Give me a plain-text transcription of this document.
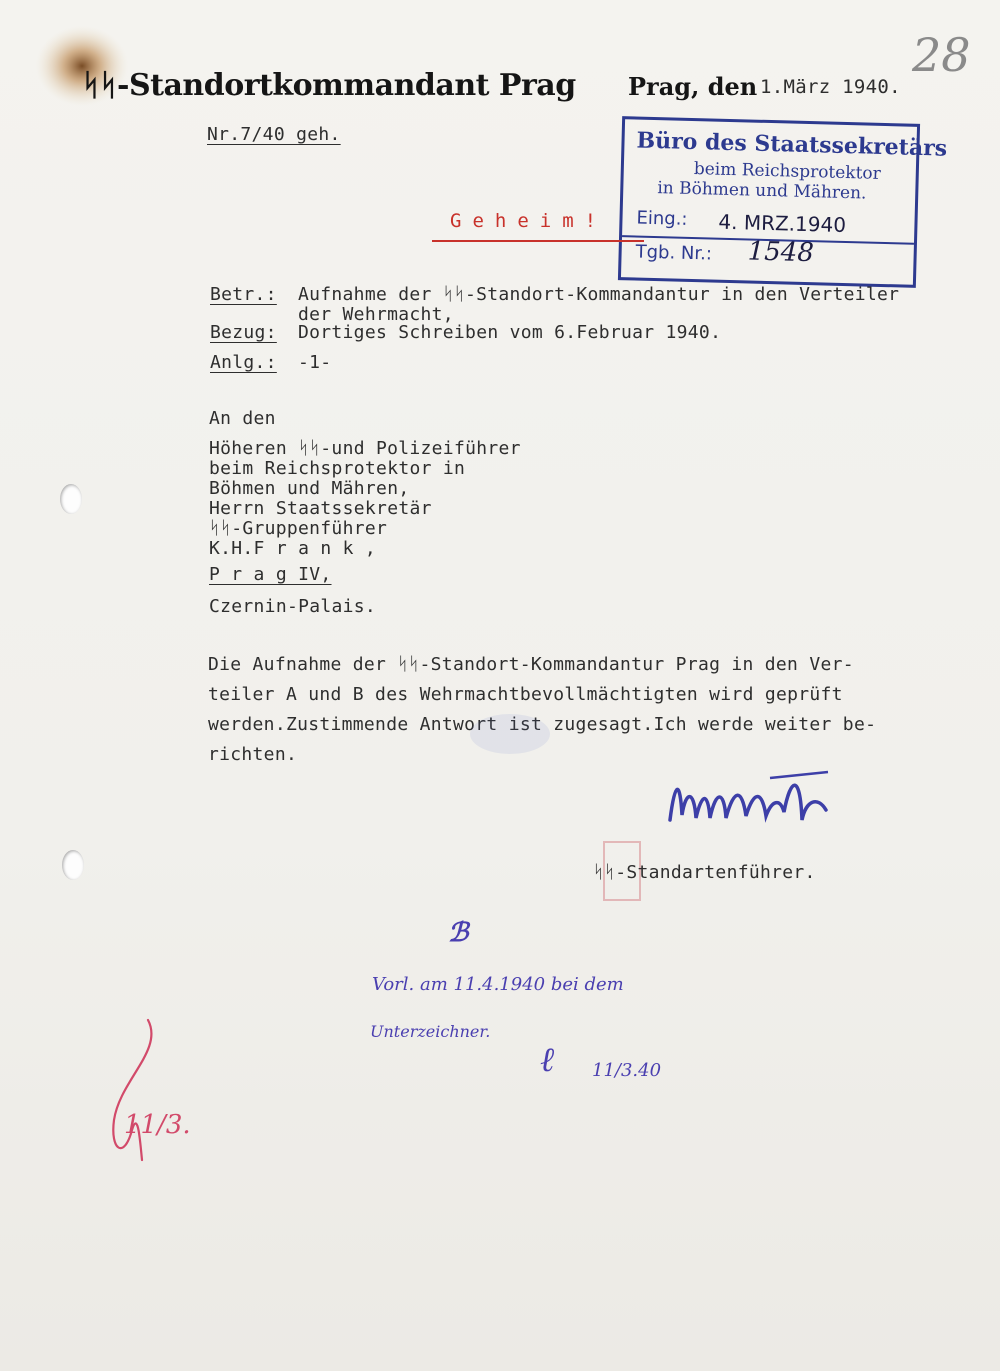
ᛋᛋ-Standortkommandant Prag Prag, den 1.März 1940.
28
Nr.7/40 geh.	Büro des Staatssekretärs
beim Reichsprotektor
in Böhmen und Mähren.
Eing.: 4. MRZ.1940
Tgb. Nr.: 1548
Geheim!
Betr.: Aufnahme der ᛋᛋ-Standort-Kommandantur in den Verteiler
der Wehrmacht,
Bezug: Dortiges Schreiben vom 6.Februar 1940.
Anlg.: -1-
An den
Höheren ᛋᛋ-und Polizeiführer
beim Reichsprotektor in
Böhmen und Mähren,
Herrn Staatssekretär
ᛋᛋ-Gruppenführer
K.H.F r a n k ,
P r a g IV,
Czernin-Palais.
Die Aufnahme der ᛋᛋ-Standort-Kommandantur Prag in den Ver-
teiler A und B des Wehrmachtbevollmächtigten wird geprüft
werden.Zustimmende Antwort ist zugesagt.Ich werde weiter be-
richten.
ᛋᛋ-Standartenführer.
ℬ
Vorl. am 11.4.1940 bei dem
Unterzeichner.
ℓ 11/3.40
11/3.
